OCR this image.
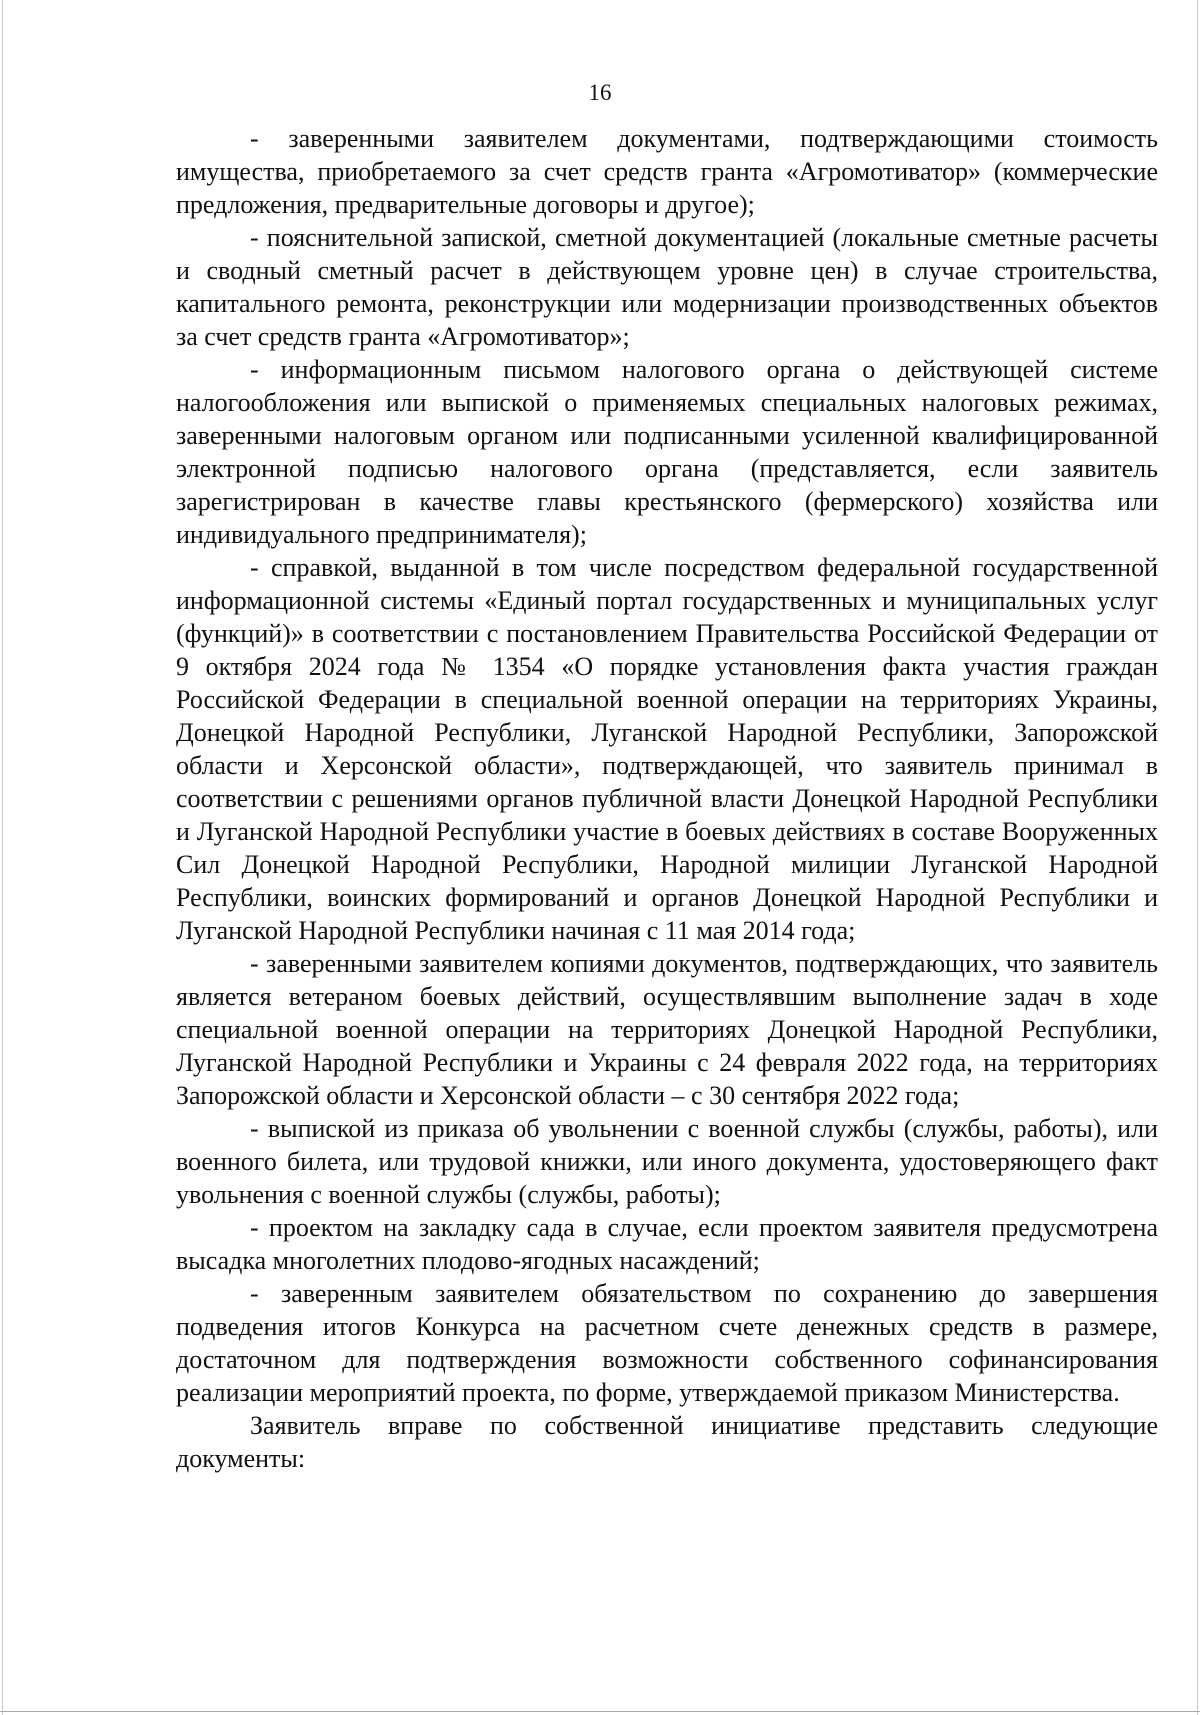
16

- заверенными заявителем документами, подтверждающими стоимость имущества, приобретаемого за счет средств гранта «Агромотиватор» (коммерческие предложения, предварительные договоры и другое);

- пояснительной запиской, сметной документацией (локальные сметные расчеты и сводный сметный расчет в действующем уровне цен) в случае строительства, капитального ремонта, реконструкции или модернизации производственных объектов за счет средств гранта «Агромотиватор»;

- информационным письмом налогового органа о действующей системе налогообложения или выпиской о применяемых специальных налоговых режимах, заверенными налоговым органом или подписанными усиленной квалифицированной электронной подписью налогового органа (представляется, если заявитель зарегистрирован в качестве главы крестьянского (фермерского) хозяйства или индивидуального предпринимателя);

- справкой, выданной в том числе посредством федеральной государственной информационной системы «Единый портал государственных и муниципальных услуг (функций)» в соответствии с постановлением Правительства Российской Федерации от 9 октября 2024 года № 1354 «О порядке установления факта участия граждан Российской Федерации в специальной военной операции на территориях Украины, Донецкой Народной Республики, Луганской Народной Республики, Запорожской области и Херсонской области», подтверждающей, что заявитель принимал в соответствии с решениями органов публичной власти Донецкой Народной Республики и Луганской Народной Республики участие в боевых действиях в составе Вооруженных Сил Донецкой Народной Республики, Народной милиции Луганской Народной Республики, воинских формирований и органов Донецкой Народной Республики и Луганской Народной Республики начиная с 11 мая 2014 года;

- заверенными заявителем копиями документов, подтверждающих, что заявитель является ветераном боевых действий, осуществлявшим выполнение задач в ходе специальной военной операции на территориях Донецкой Народной Республики, Луганской Народной Республики и Украины с 24 февраля 2022 года, на территориях Запорожской области и Херсонской области – с 30 сентября 2022 года;

- выпиской из приказа об увольнении с военной службы (службы, работы), или военного билета, или трудовой книжки, или иного документа, удостоверяющего факт увольнения с военной службы (службы, работы);

- проектом на закладку сада в случае, если проектом заявителя предусмотрена высадка многолетних плодово-ягодных насаждений;

- заверенным заявителем обязательством по сохранению до завершения подведения итогов Конкурса на расчетном счете денежных средств в размере, достаточном для подтверждения возможности собственного софинансирования реализации мероприятий проекта, по форме, утверждаемой приказом Министерства.

Заявитель вправе по собственной инициативе представить следующие документы:
